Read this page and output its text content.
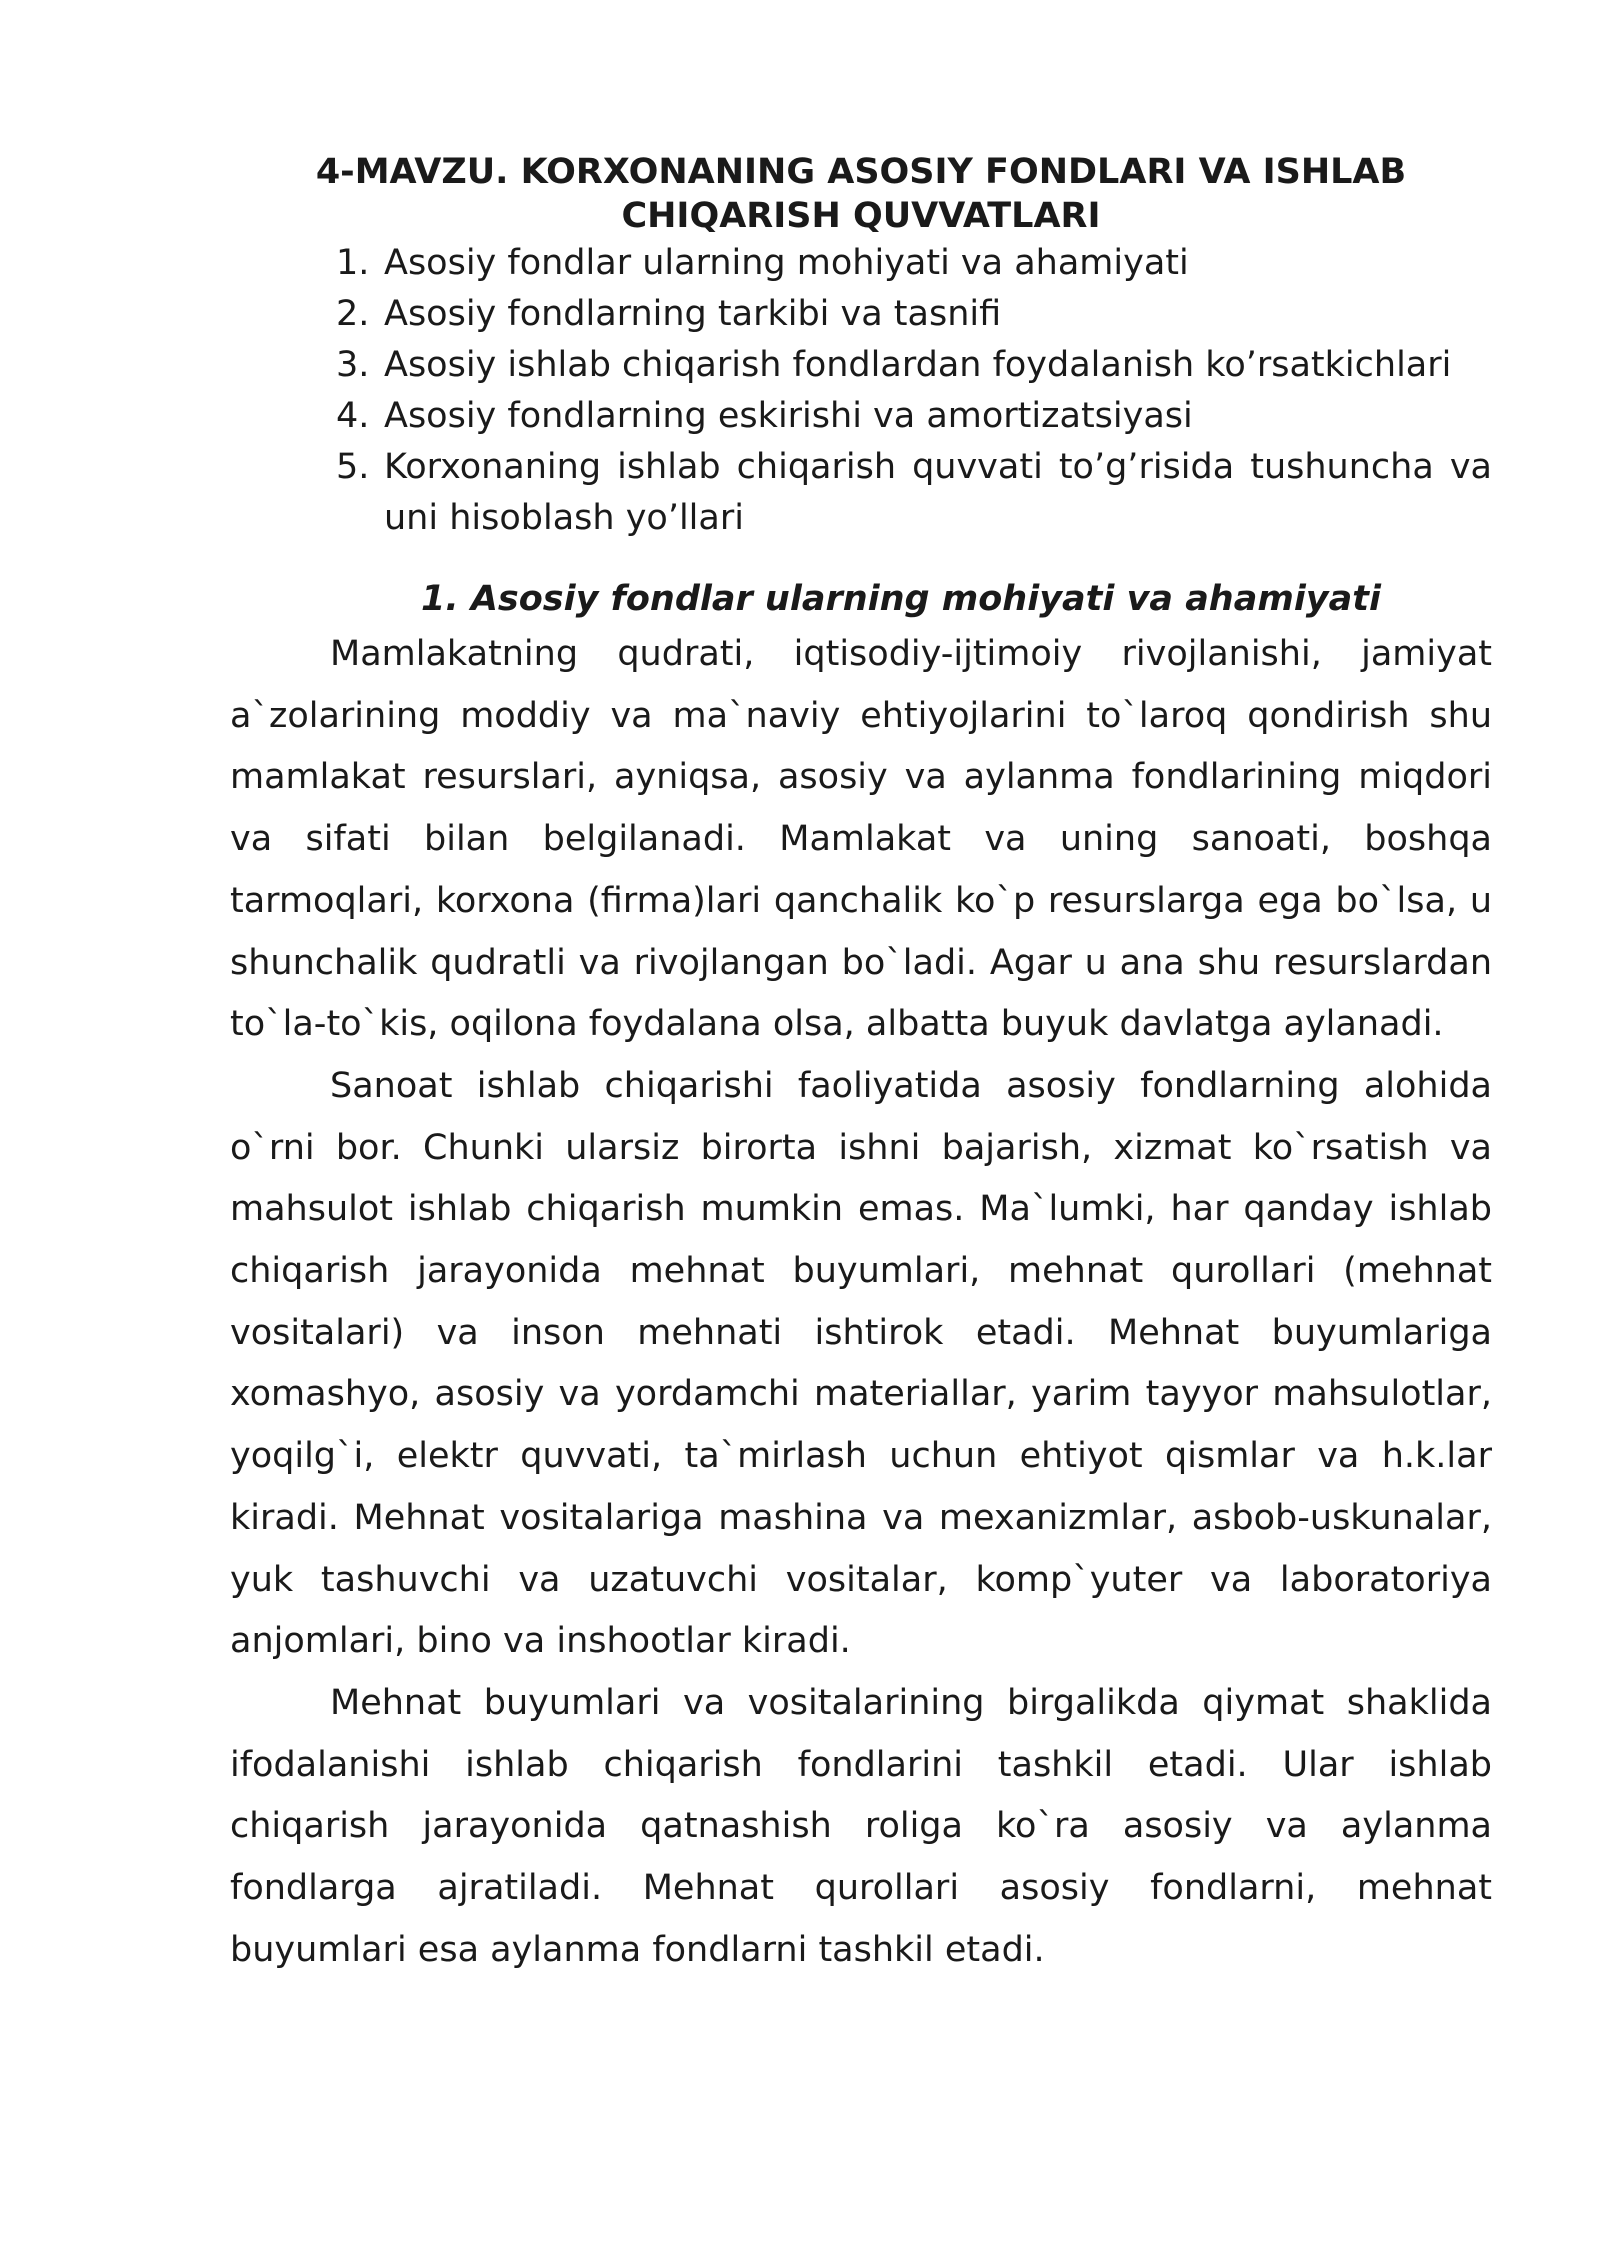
4-MAVZU. KORXONANING ASOSIY FONDLARI VA ISHLAB
CHIQARISH QUVVATLARI
1. Asosiy fondlar ularning mohiyati va ahamiyati
2. Asosiy fondlarning tarkibi va tasnifi
3. Asosiy ishlab chiqarish fondlardan foydalanish ko’rsatkichlari
4. Asosiy fondlarning eskirishi va amortizatsiyasi
5. Korxonaning ishlab chiqarish quvvati to’g’risida tushuncha va uni hisoblash yo’llari
1. Asosiy fondlar ularning mohiyati va ahamiyati

Mamlakatning qudrati, iqtisodiy-ijtimoiy rivojlanishi, jamiyat a`zolarining moddiy va ma`naviy ehtiyojlarini to`laroq qondirish shu mamlakat resurslari, ayniqsa, asosiy va aylanma fondlarining miqdori va sifati bilan belgilanadi. Mamlakat va uning sanoati, boshqa tarmoqlari, korxona (firma)lari qanchalik ko`p resurslarga ega bo`lsa, u shunchalik qudratli va rivojlangan bo`ladi. Agar u ana shu resurslardan to`la-to`kis, oqilona foydalana olsa, albatta buyuk davlatga aylanadi.

Sanoat ishlab chiqarishi faoliyatida asosiy fondlarning alohida o`rni bor. Chunki ularsiz birorta ishni bajarish, xizmat ko`rsatish va mahsulot ishlab chiqarish mumkin emas. Ma`lumki, har qanday ishlab chiqarish jarayonida mehnat buyumlari, mehnat qurollari (mehnat vositalari) va inson mehnati ishtirok etadi. Mehnat buyumlariga xomashyo, asosiy va yordamchi materiallar, yarim tayyor mahsulotlar, yoqilg`i, elektr quvvati, ta`mirlash uchun ehtiyot qismlar va h.k.lar kiradi. Mehnat vositalariga mashina va mexanizmlar, asbob-uskunalar, yuk tashuvchi va uzatuvchi vositalar, komp`yuter va laboratoriya anjomlari, bino va inshootlar kiradi.

Mehnat buyumlari va vositalarining birgalikda qiymat shaklida ifodalanishi ishlab chiqarish fondlarini tashkil etadi. Ular ishlab chiqarish jarayonida qatnashish roliga ko`ra asosiy va aylanma fondlarga ajratiladi. Mehnat qurollari asosiy fondlarni, mehnat buyumlari esa aylanma fondlarni tashkil etadi.
